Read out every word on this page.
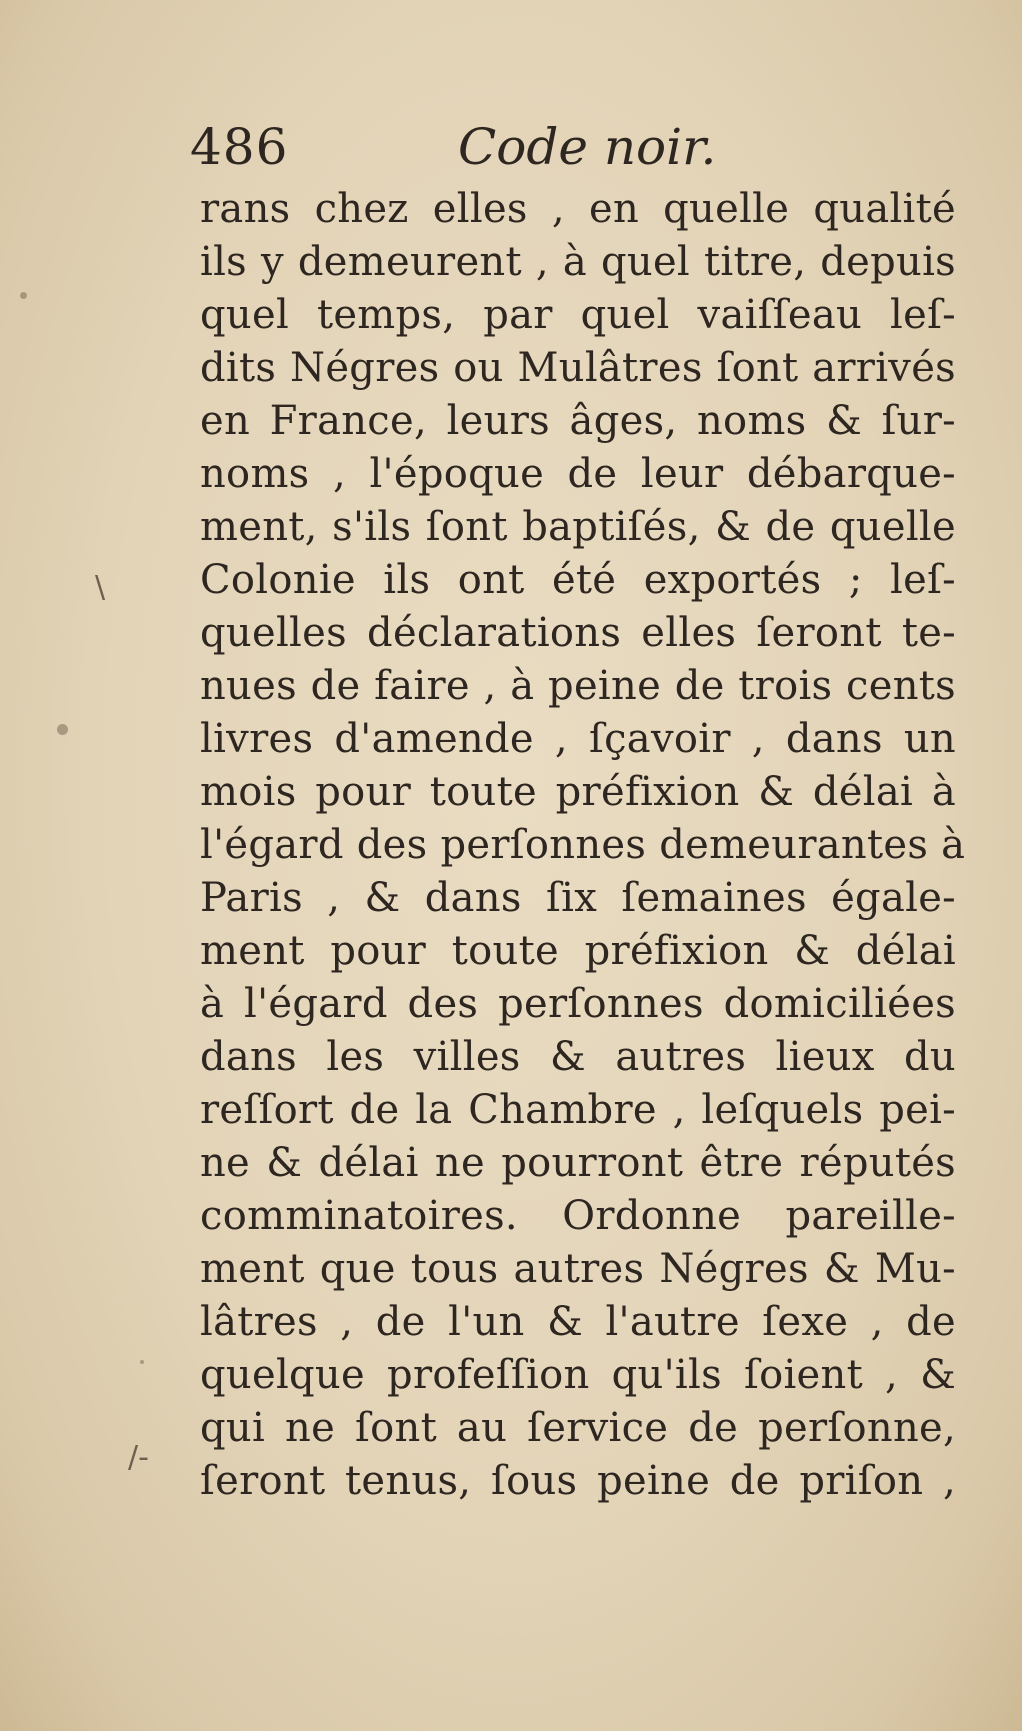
\
/-
486	Code noir.
rans chez elles , en quelle qualité
ils y demeurent , à quel titre, depuis
quel temps, par quel vaiſſeau leſ-
dits Négres ou Mulâtres ſont arrivés
en France, leurs âges, noms & ſur-
noms , l'époque de leur débarque-
ment, s'ils ſont baptiſés, & de quelle
Colonie ils ont été exportés ; leſ-
quelles déclarations elles ſeront te-
nues de faire , à peine de trois cents
livres d'amende , ſçavoir , dans un
mois pour toute préfixion & délai à
l'égard des perſonnes demeurantes à
Paris , & dans ſix ſemaines égale-
ment pour toute préfixion & délai
à l'égard des perſonnes domiciliées
dans les villes & autres lieux du
reſſort de la Chambre , leſquels pei-
ne & délai ne pourront être réputés
comminatoires. Ordonne pareille-
ment que tous autres Négres & Mu-
lâtres , de l'un & l'autre ſexe , de
quelque profeſſion qu'ils ſoient , &
qui ne ſont au ſervice de perſonne,
ſeront tenus, ſous peine de priſon ,
